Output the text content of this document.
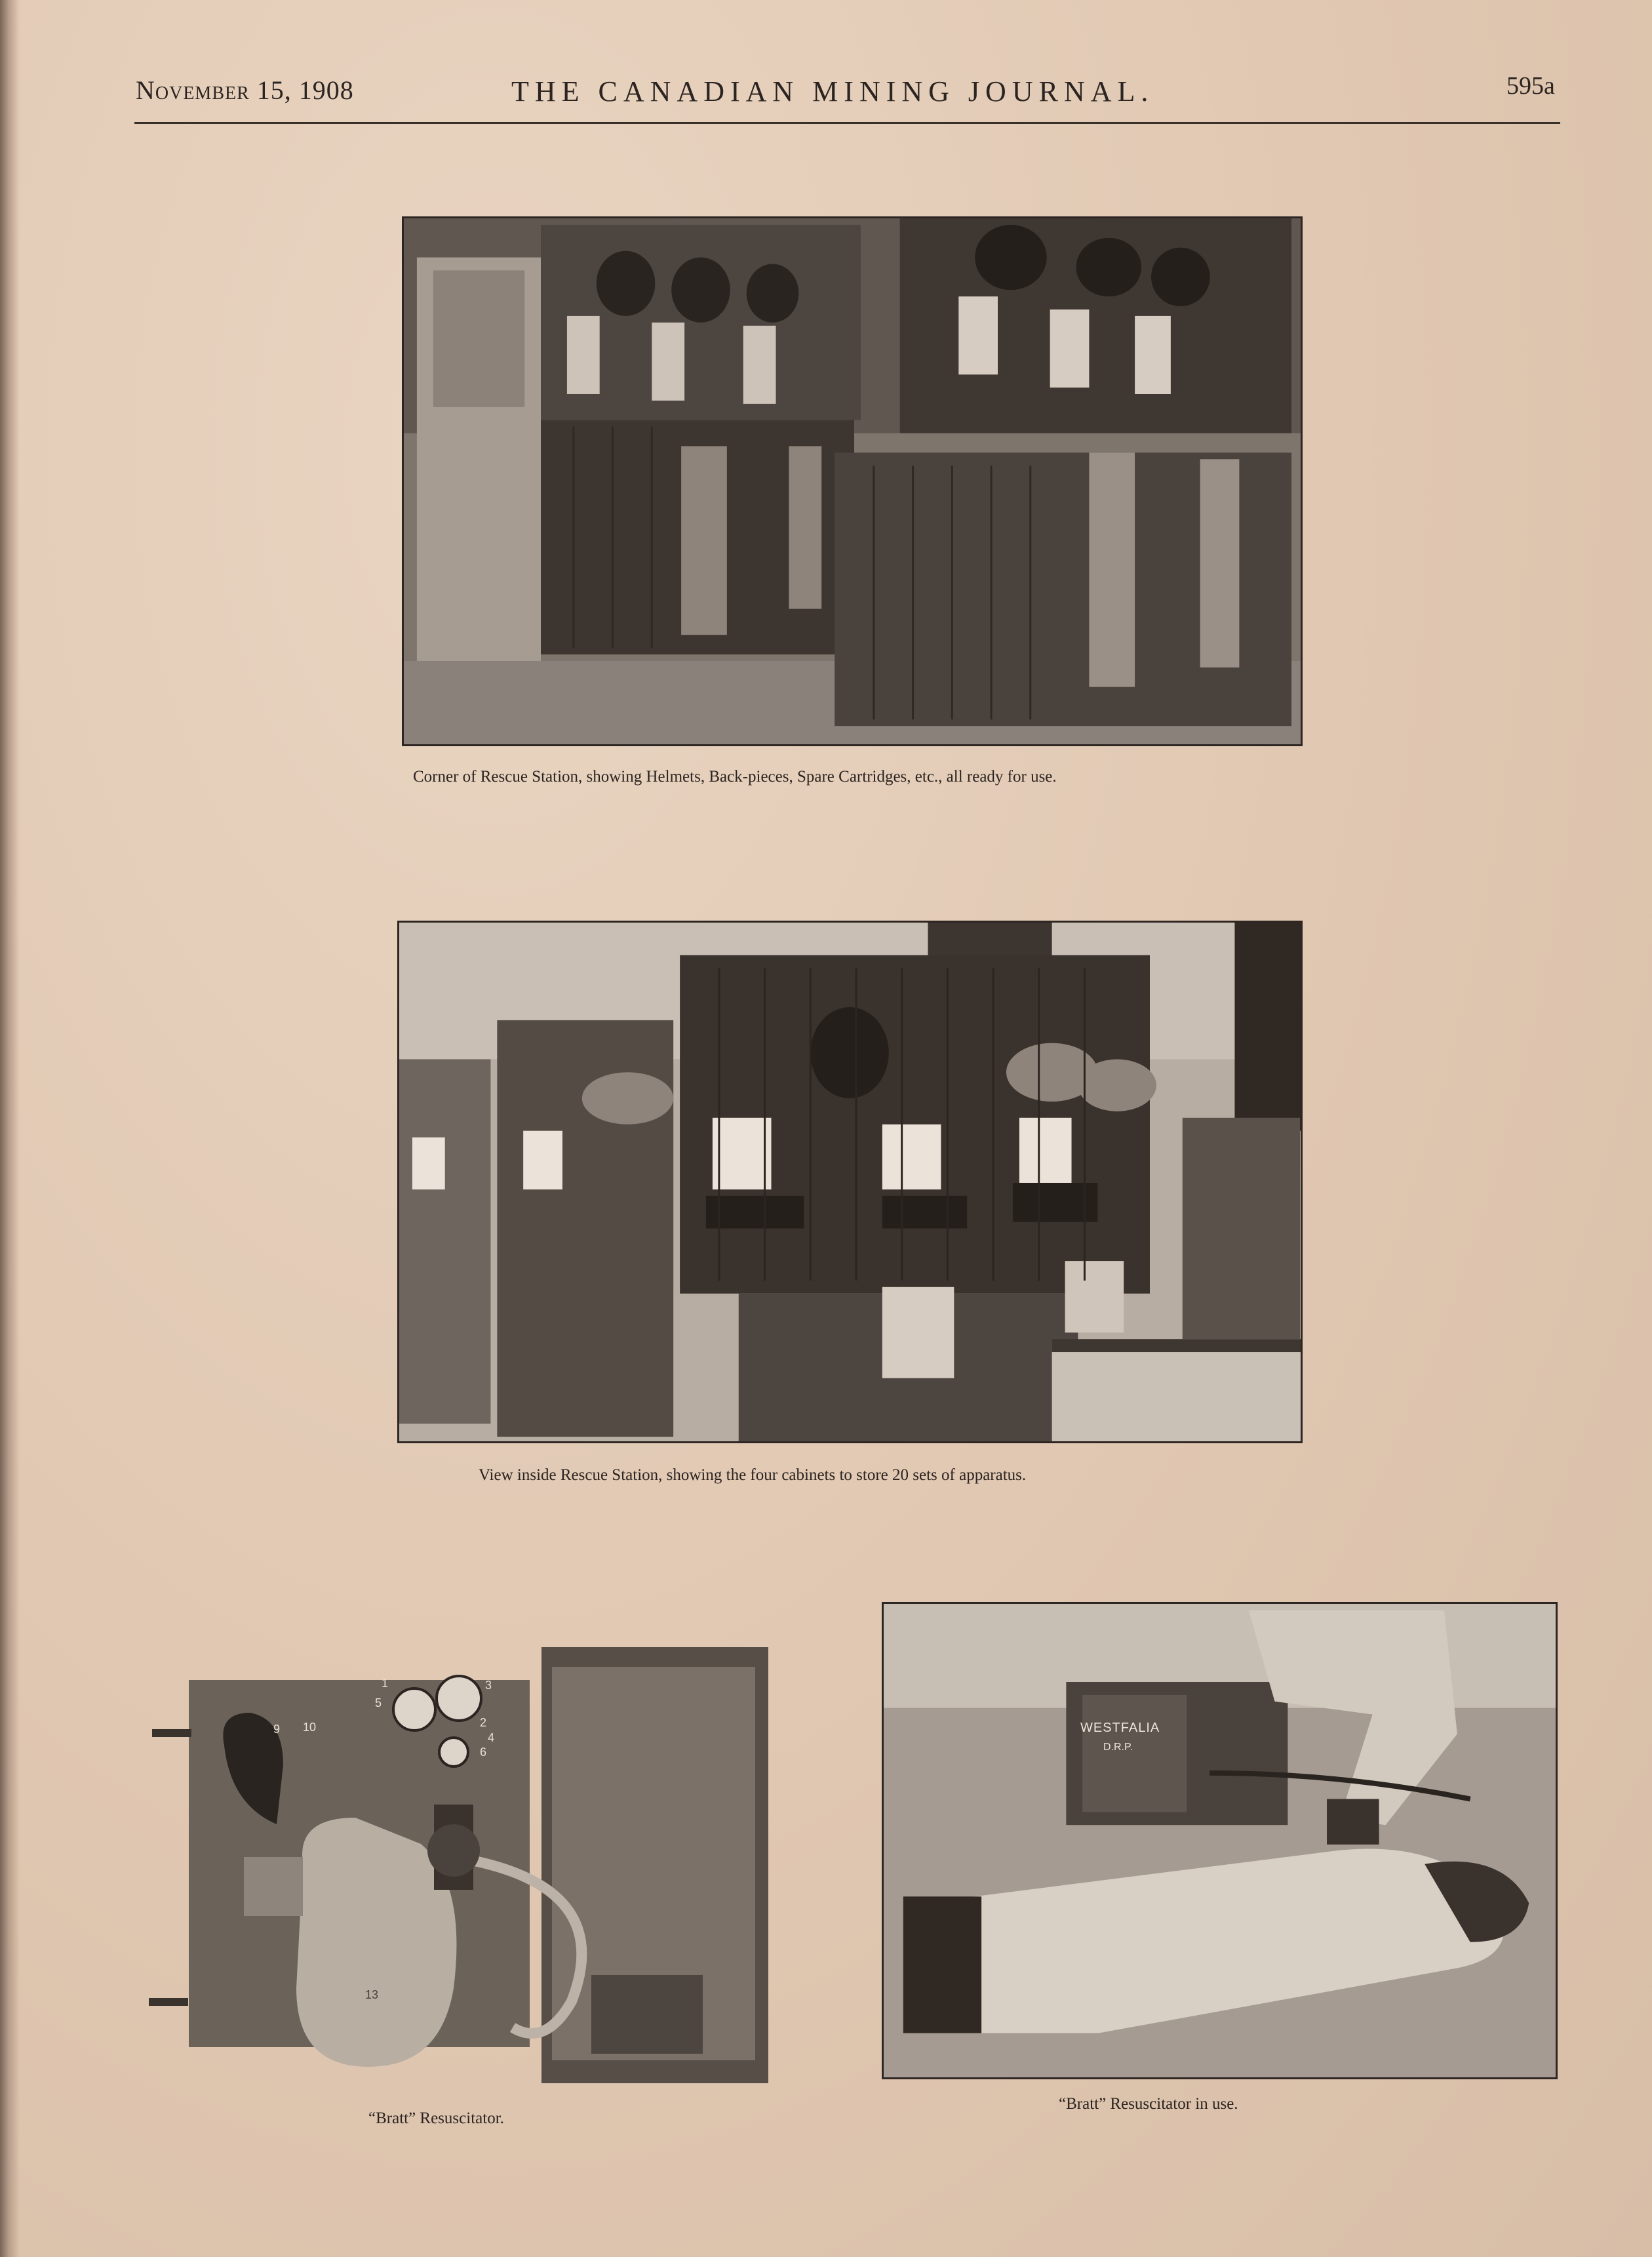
November 15, 1908	THE CANADIAN MINING JOURNAL.	595a
Corner of Rescue Station, showing Helmets, Back-pieces, Spare Cartridges, etc., all ready for use.
View inside Rescue Station, showing the four cabinets to store 20 sets of apparatus.
1
2
3
4
5
6
9 10
13
“Bratt” Resuscitator.
WESTFALIA
D.R.P.
“Bratt” Resuscitator in use.
